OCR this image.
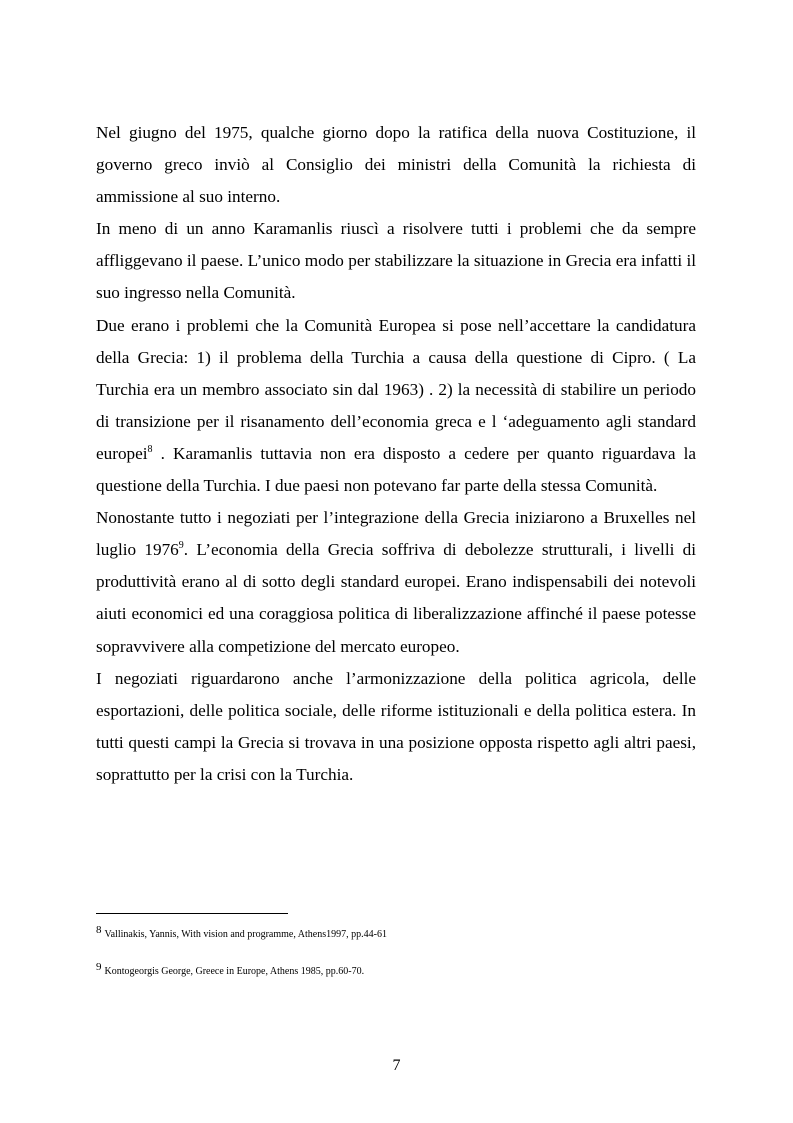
Nel giugno del 1975, qualche giorno dopo la ratifica della nuova Costituzione, il governo greco inviò al Consiglio dei ministri della Comunità la richiesta di ammissione al suo interno.

In meno di un anno Karamanlis riuscì a risolvere tutti i problemi che da sempre affliggevano il paese. L’unico modo per stabilizzare la situazione in Grecia era infatti il suo ingresso nella Comunità.

Due erano i problemi che la Comunità Europea si pose nell’accettare la candidatura della Grecia: 1) il problema della Turchia a causa della questione di Cipro. ( La Turchia era un membro associato sin dal 1963) . 2) la necessità di stabilire un periodo di transizione per il risanamento dell’economia greca e l ‘adeguamento agli standard europei$^8$ . Karamanlis tuttavia non era disposto a cedere per quanto riguardava la questione della Turchia. I due paesi non potevano far parte della stessa Comunità.

Nonostante tutto i negoziati per l’integrazione della Grecia iniziarono a Bruxelles nel luglio 1976$^9$. L’economia della Grecia soffriva di debolezze strutturali, i livelli di produttività erano al di sotto degli standard europei. Erano indispensabili dei notevoli aiuti economici ed una coraggiosa politica di liberalizzazione affinché il paese potesse sopravvivere alla competizione del mercato europeo.

I negoziati riguardarono anche l’armonizzazione della politica agricola, delle esportazioni, delle politica sociale, delle riforme istituzionali e della politica estera. In tutti questi campi la Grecia si trovava in una posizione opposta rispetto agli altri paesi, soprattutto per la crisi con la Turchia.

8 Vallinakis, Yannis, With vision and programme, Athens1997, pp.44-61
9 Kontogeorgis George, Greece in Europe, Athens 1985, pp.60-70.
7
